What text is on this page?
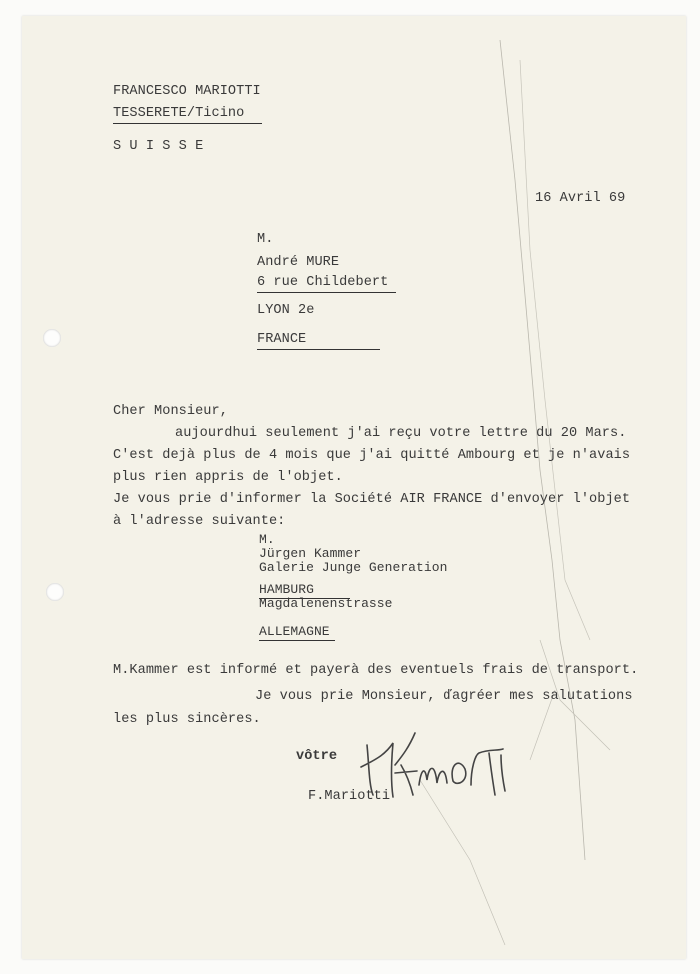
FRANCESCO MARIOTTI
TESSERETE/Ticino
S U I S S E
16 Avril 69
M.
André MURE
6 rue Childebert
LYON 2e
FRANCE
Cher Monsieur,
aujourdhui seulement j'ai reçu votre lettre du 20 Mars.
C'est dejà plus de 4 mois que j'ai quitté Ambourg et je n'avais
plus rien appris de l'objet.
Je vous prie d'informer la Société AIR FRANCE d'envoyer l'objet
à l'adresse suivante:
M.
Jürgen Kammer
Galerie Junge Generation
HAMBURG
Magdalenenstrasse
ALLEMAGNE
M.Kammer est informé et payerà des eventuels frais de transport.
Je vous prie Monsieur, ďagréer mes salutations
les plus sincères.
vôtre
F.Mariotti
